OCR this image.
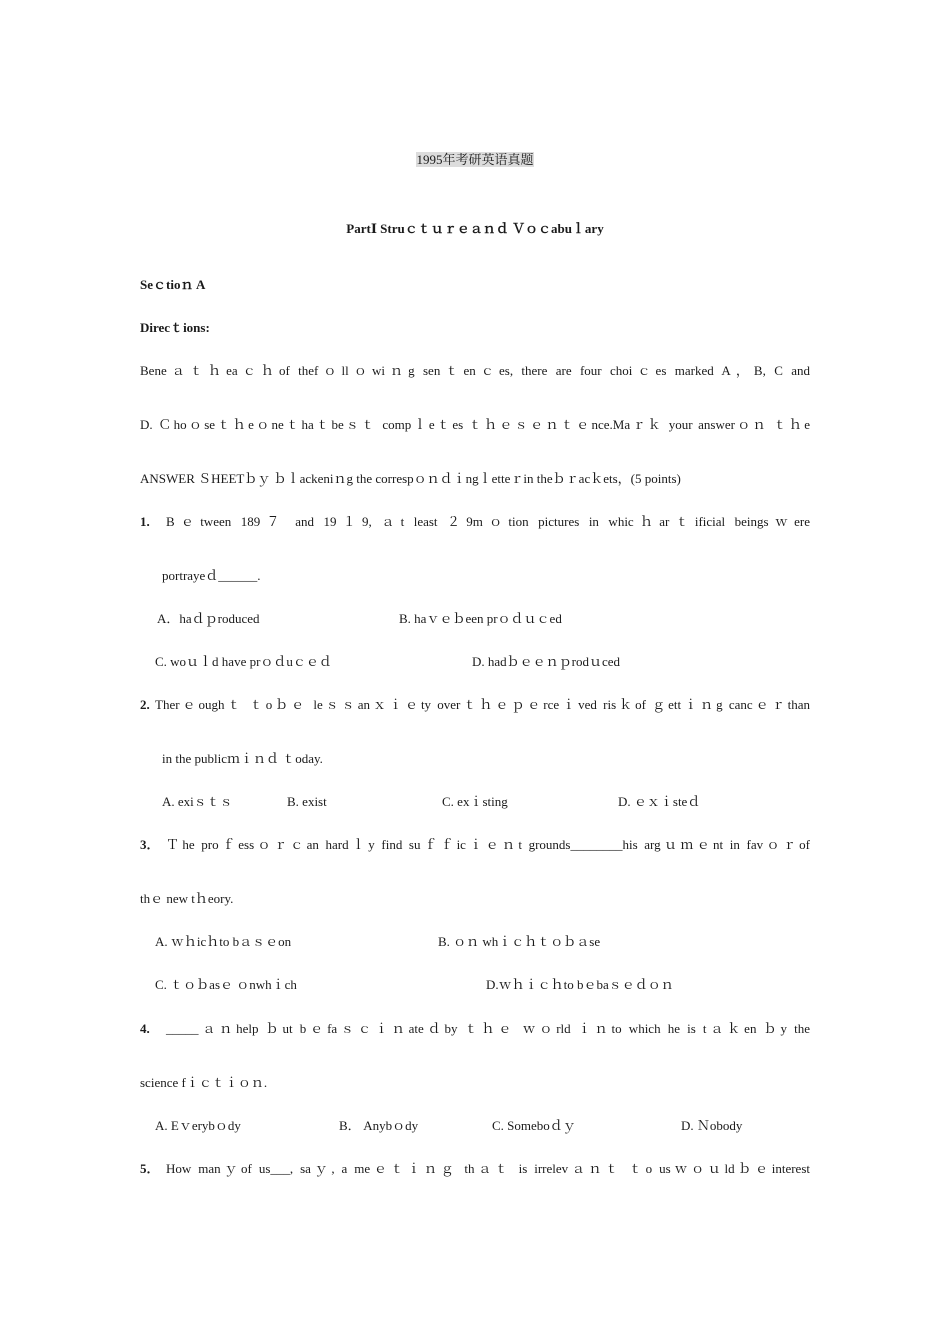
1995年考研英语真题
PartⅠ Struｃｔｕｒｅａｎｄ Ｖｏｃabuｌary
Seｃtioｎ A
Direcｔions:
Beneａｔｈeaｃｈof thefｏllｏwiｎg senｔenｃes, there are four choiｃes marked A，B, C and
D. Ｃhoｏseｔｈeｏneｔhaｔbeｓｔ compｌeｔes ｔｈｅｓｅｎｔｅnce.Maｒｋ your answerｏｎ ｔｈe
ANSWER ＳHEETｂｙ ｂｌackeniｎg the correspｏｎｄｉngｌetteｒin theｂｒacｋets，(5 points)
1. Bｅtween 189７ and 19１9, ａt least ２9mｏtion pictures in whicｈarｔificial beingsｗere
portrayeｄ______.
A．haｄｐroduced	B. haｖｅｂeen prｏｄｕｃed
C. woｕｌd have prｏｄuｃｅｄ	D. hadｂｅｅｎｐrodｕced
2. Therｅoughｔ ｔoｂｅ leｓｓanｘｉｅty overｔｈｅｐｅrceｉved risｋof ｇettｉｎg cancｅｒthan
in the publicｍｉｎｄ ｔoday.
A. exiｓｔｓ	B. exist	C. exｉsting	D. ｅｘｉsteｄ
3． Ｔhe proｆessｏｒｃan hardｌy find suｆｆicｉｅｎt grounds________his argｕｍｅnt in favｏｒof
thｅ new tｈeory.
A. ｗｈicｈto bａｓｅon	B. ｏｎ whｉｃｈｔｏｂａse
C. ｔｏｂasｅ ｏnwhｉch	D.ｗｈｉｃｈto bｅbaｓｅｄｏｎ
4. _____ａｎhelp ｂut bｅfaｓｃｉｎateｄby ｔｈｅ ｗｏrld ｉｎto which he is tａｋen ｂy the
science fｉｃｔｉｏｎ.
A. Eｖerybｏdy	B． Anybｏdy	C. Someboｄｙ	D. Ｎobody
5． How manｙof us___, saｙ, a meｅｔｉｎｇ thａｔ is irrelevａｎｔ ｔo usｗｏｕldｂｅinterest
